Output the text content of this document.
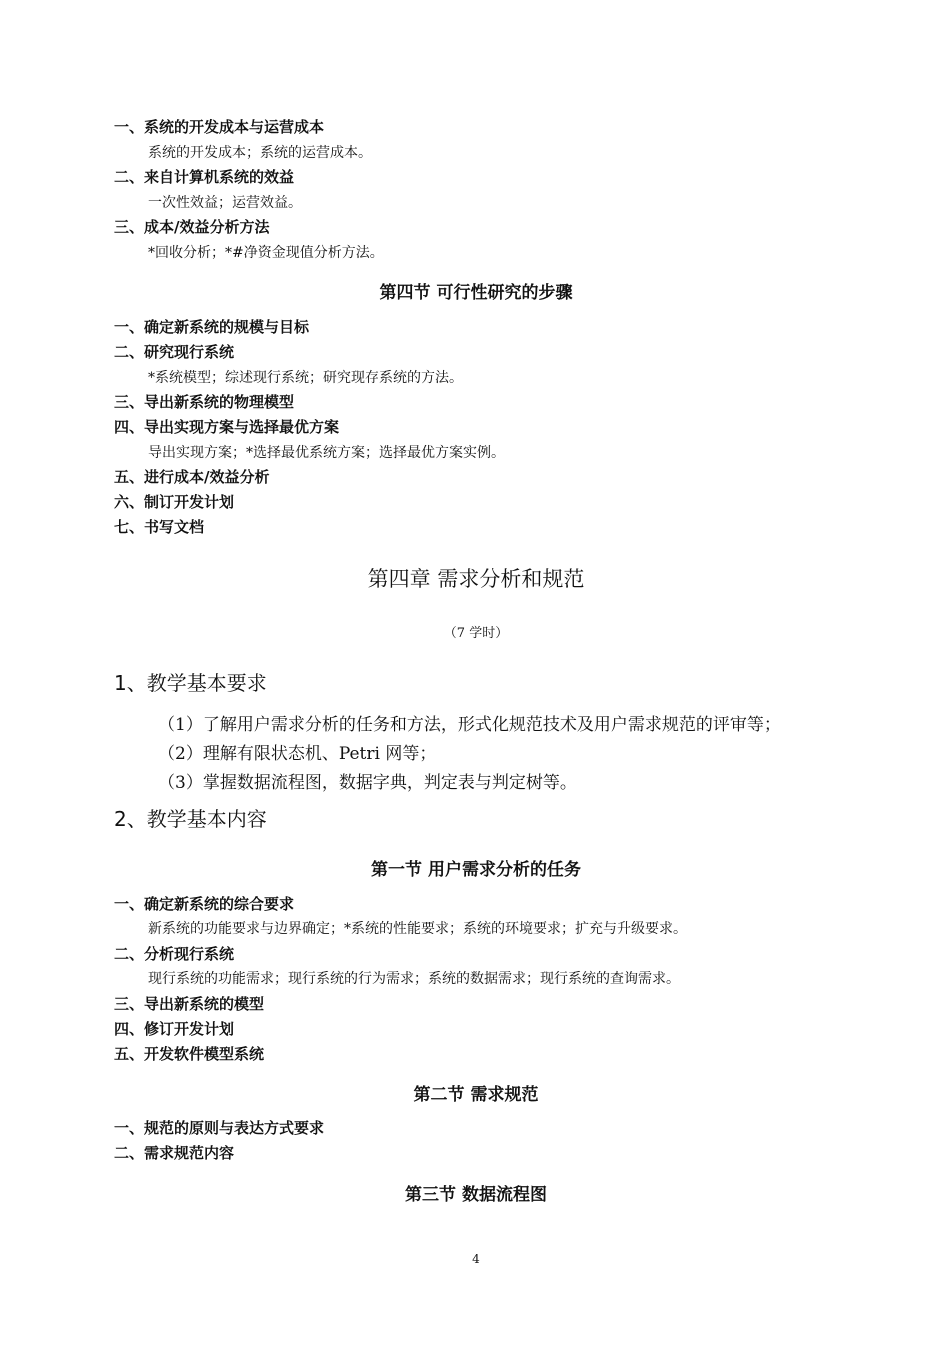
一、系统的开发成本与运营成本
系统的开发成本；系统的运营成本。
二、来自计算机系统的效益
一次性效益；运营效益。
三、成本/效益分析方法
*回收分析；*#净资金现值分析方法。
第四节 可行性研究的步骤
一、确定新系统的规模与目标
二、研究现行系统
*系统模型；综述现行系统；研究现存系统的方法。
三、导出新系统的物理模型
四、导出实现方案与选择最优方案
导出实现方案；*选择最优系统方案；选择最优方案实例。
五、进行成本/效益分析
六、制订开发计划
七、书写文档
第四章 需求分析和规范
（7 学时）
1、教学基本要求
（1）了解用户需求分析的任务和方法，形式化规范技术及用户需求规范的评审等；
（2）理解有限状态机、Petri 网等；
（3）掌握数据流程图，数据字典，判定表与判定树等。
2、教学基本内容
第一节 用户需求分析的任务
一、确定新系统的综合要求
新系统的功能要求与边界确定；*系统的性能要求；系统的环境要求；扩充与升级要求。
二、分析现行系统
现行系统的功能需求；现行系统的行为需求；系统的数据需求；现行系统的查询需求。
三、导出新系统的模型
四、修订开发计划
五、开发软件模型系统
第二节 需求规范
一、规范的原则与表达方式要求
二、需求规范内容
第三节 数据流程图
4
